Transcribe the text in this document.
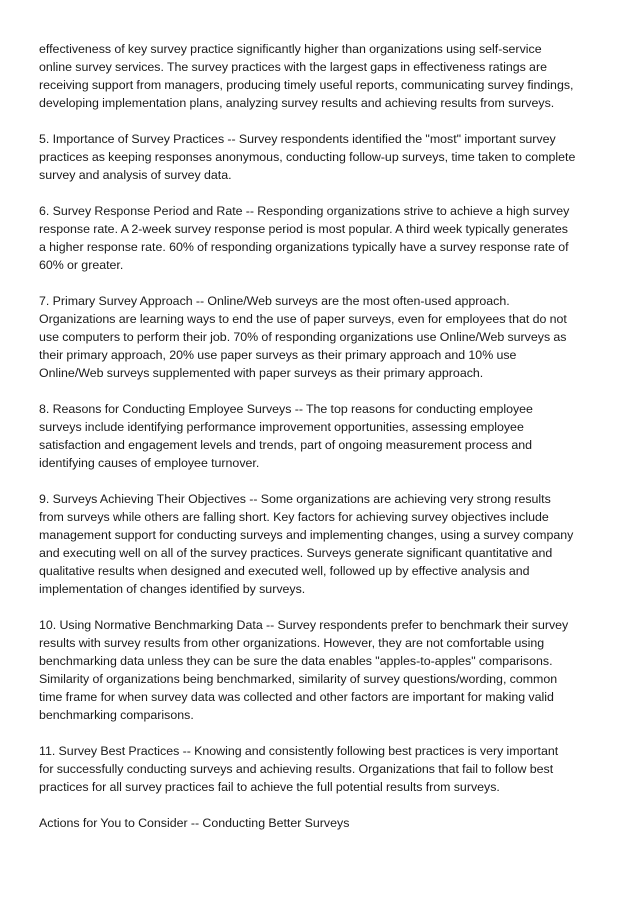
effectiveness of key survey practice significantly higher than organizations using self-service
online survey services. The survey practices with the largest gaps in effectiveness ratings are
receiving support from managers, producing timely useful reports, communicating survey findings,
developing implementation plans, analyzing survey results and achieving results from surveys.

5. Importance of Survey Practices -- Survey respondents identified the "most" important survey
practices as keeping responses anonymous, conducting follow-up surveys, time taken to complete
survey and analysis of survey data.

6. Survey Response Period and Rate -- Responding organizations strive to achieve a high survey
response rate. A 2-week survey response period is most popular. A third week typically generates
a higher response rate. 60% of responding organizations typically have a survey response rate of
60% or greater.

7. Primary Survey Approach -- Online/Web surveys are the most often-used approach.
Organizations are learning ways to end the use of paper surveys, even for employees that do not
use computers to perform their job. 70% of responding organizations use Online/Web surveys as
their primary approach, 20% use paper surveys as their primary approach and 10% use
Online/Web surveys supplemented with paper surveys as their primary approach.

8. Reasons for Conducting Employee Surveys -- The top reasons for conducting employee
surveys include identifying performance improvement opportunities, assessing employee
satisfaction and engagement levels and trends, part of ongoing measurement process and
identifying causes of employee turnover.

9. Surveys Achieving Their Objectives -- Some organizations are achieving very strong results
from surveys while others are falling short. Key factors for achieving survey objectives include
management support for conducting surveys and implementing changes, using a survey company
and executing well on all of the survey practices. Surveys generate significant quantitative and
qualitative results when designed and executed well, followed up by effective analysis and
implementation of changes identified by surveys.

10. Using Normative Benchmarking Data -- Survey respondents prefer to benchmark their survey
results with survey results from other organizations. However, they are not comfortable using
benchmarking data unless they can be sure the data enables "apples-to-apples" comparisons.
Similarity of organizations being benchmarked, similarity of survey questions/wording, common
time frame for when survey data was collected and other factors are important for making valid
benchmarking comparisons.

11. Survey Best Practices -- Knowing and consistently following best practices is very important
for successfully conducting surveys and achieving results. Organizations that fail to follow best
practices for all survey practices fail to achieve the full potential results from surveys.

Actions for You to Consider -- Conducting Better Surveys
